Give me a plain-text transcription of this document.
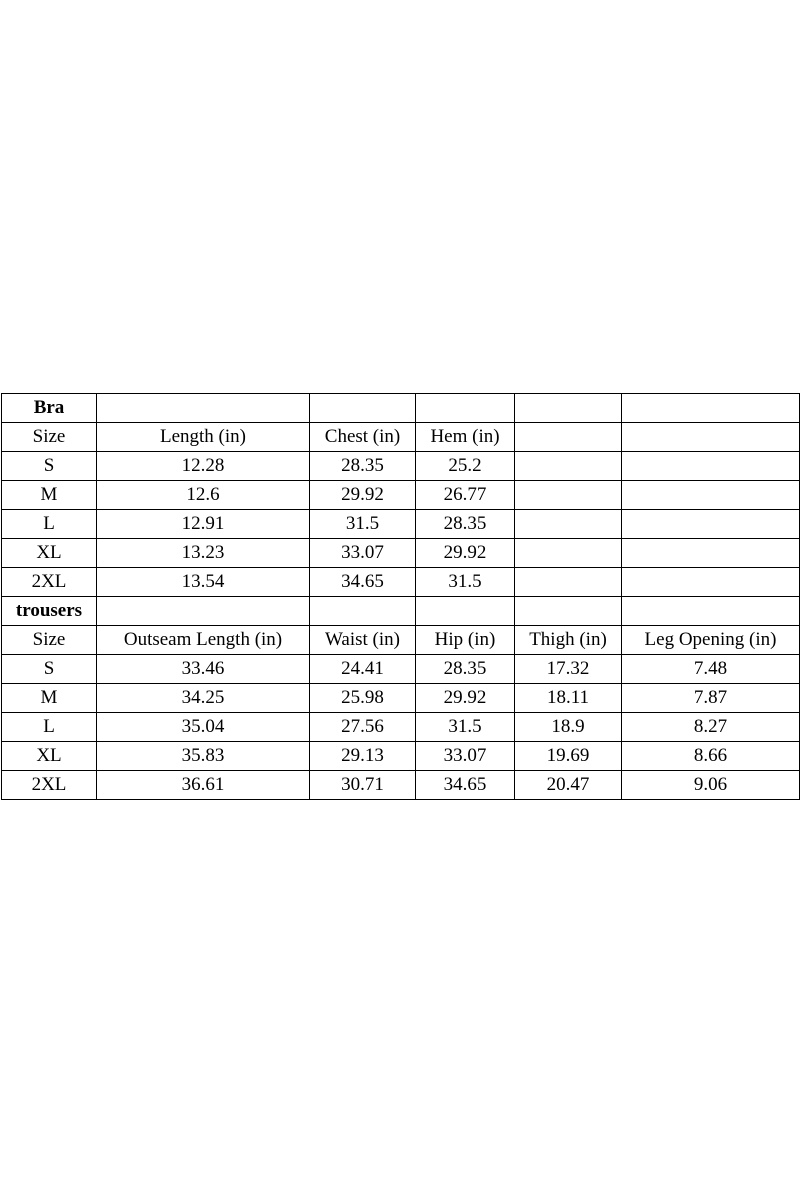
Bra					
Size	Length (in)	Chest (in)	Hem (in)		
S	12.28	28.35	25.2		
M	12.6	29.92	26.77		
L	12.91	31.5	28.35		
XL	13.23	33.07	29.92		
2XL	13.54	34.65	31.5		
trousers					
Size	Outseam Length (in)	Waist (in)	Hip (in)	Thigh (in)	Leg Opening (in)
S	33.46	24.41	28.35	17.32	7.48
M	34.25	25.98	29.92	18.11	7.87
L	35.04	27.56	31.5	18.9	8.27
XL	35.83	29.13	33.07	19.69	8.66
2XL	36.61	30.71	34.65	20.47	9.06
